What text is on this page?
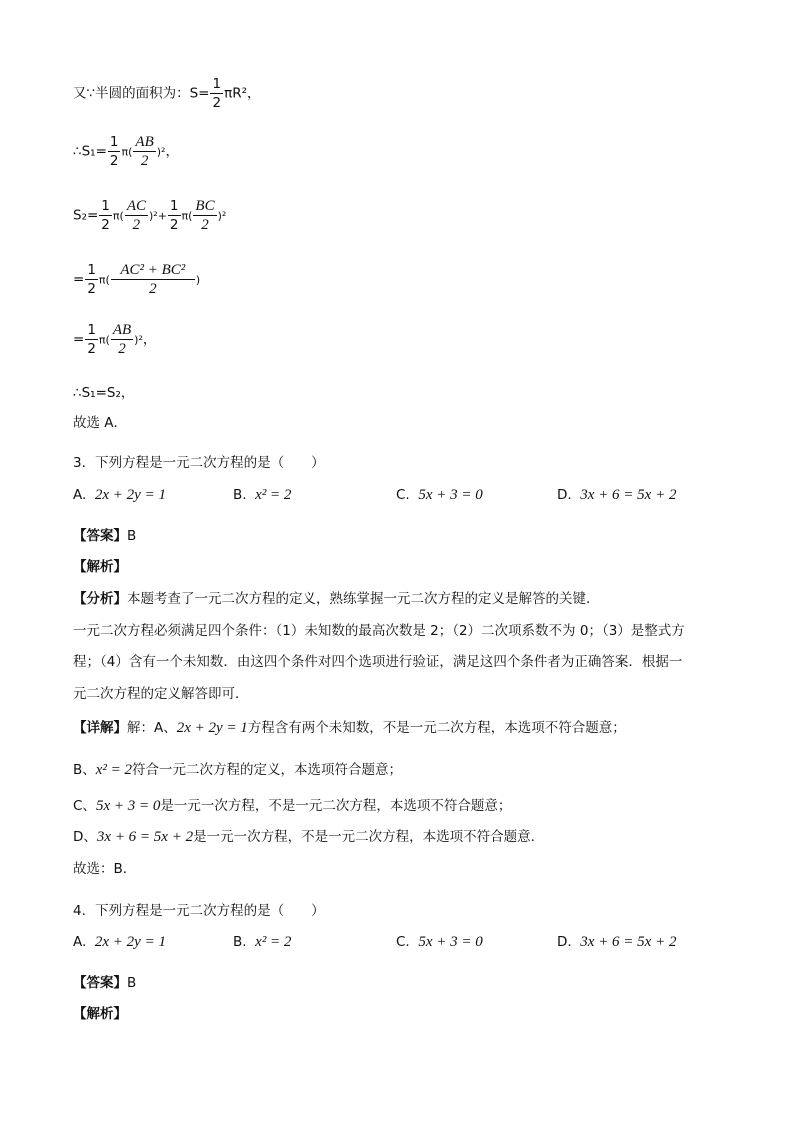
又∵半圆的面积为：$S= \frac{1}{2} \pi R^2$，
∴S₁= $\frac{1}{2} \pi( \frac{AB}{2} )^2$，
$S_2= \frac{1}{2} \pi( \frac{AC}{2} )^2+ \frac{1}{2} \pi( \frac{BC}{2} )^2$
= $\frac{1}{2} \pi( \frac{\text{AC² + BC²}}{2}$ )
= $\frac{1}{2} \pi( \frac{AB}{2} )^2$，
∴S₁=S₂，
故选 A．
3．下列方程是一元二次方程的是（　　）
A. 2x + 2y = 1	B. x² = 2	C. 5x + 3 = 0	D. 3x + 6 = 5x + 2
【答案】B
【解析】
【分析】本题考查了一元二次方程的定义，熟练掌握一元二次方程的定义是解答的关键．
一元二次方程必须满足四个条件：（1）未知数的最高次数是 2；（2）二次项系数不为 0；（3）是整式方
程；（4）含有一个未知数．由这四个条件对四个选项进行验证，满足这四个条件者为正确答案．根据一
元二次方程的定义解答即可．
【详解】解：A、2x + 2y = 1方程含有两个未知数，不是一元二次方程，本选项不符合题意；
B、x² = 2符合一元二次方程的定义，本选项符合题意；
C、5x + 3 = 0是一元一次方程，不是一元二次方程，本选项不符合题意；
D、3x + 6 = 5x + 2是一元一次方程，不是一元二次方程，本选项不符合题意．
故选：B．
4．下列方程是一元二次方程的是（　　）
A. 2x + 2y = 1	B. x² = 2	C. 5x + 3 = 0	D. 3x + 6 = 5x + 2
【答案】B
【解析】
